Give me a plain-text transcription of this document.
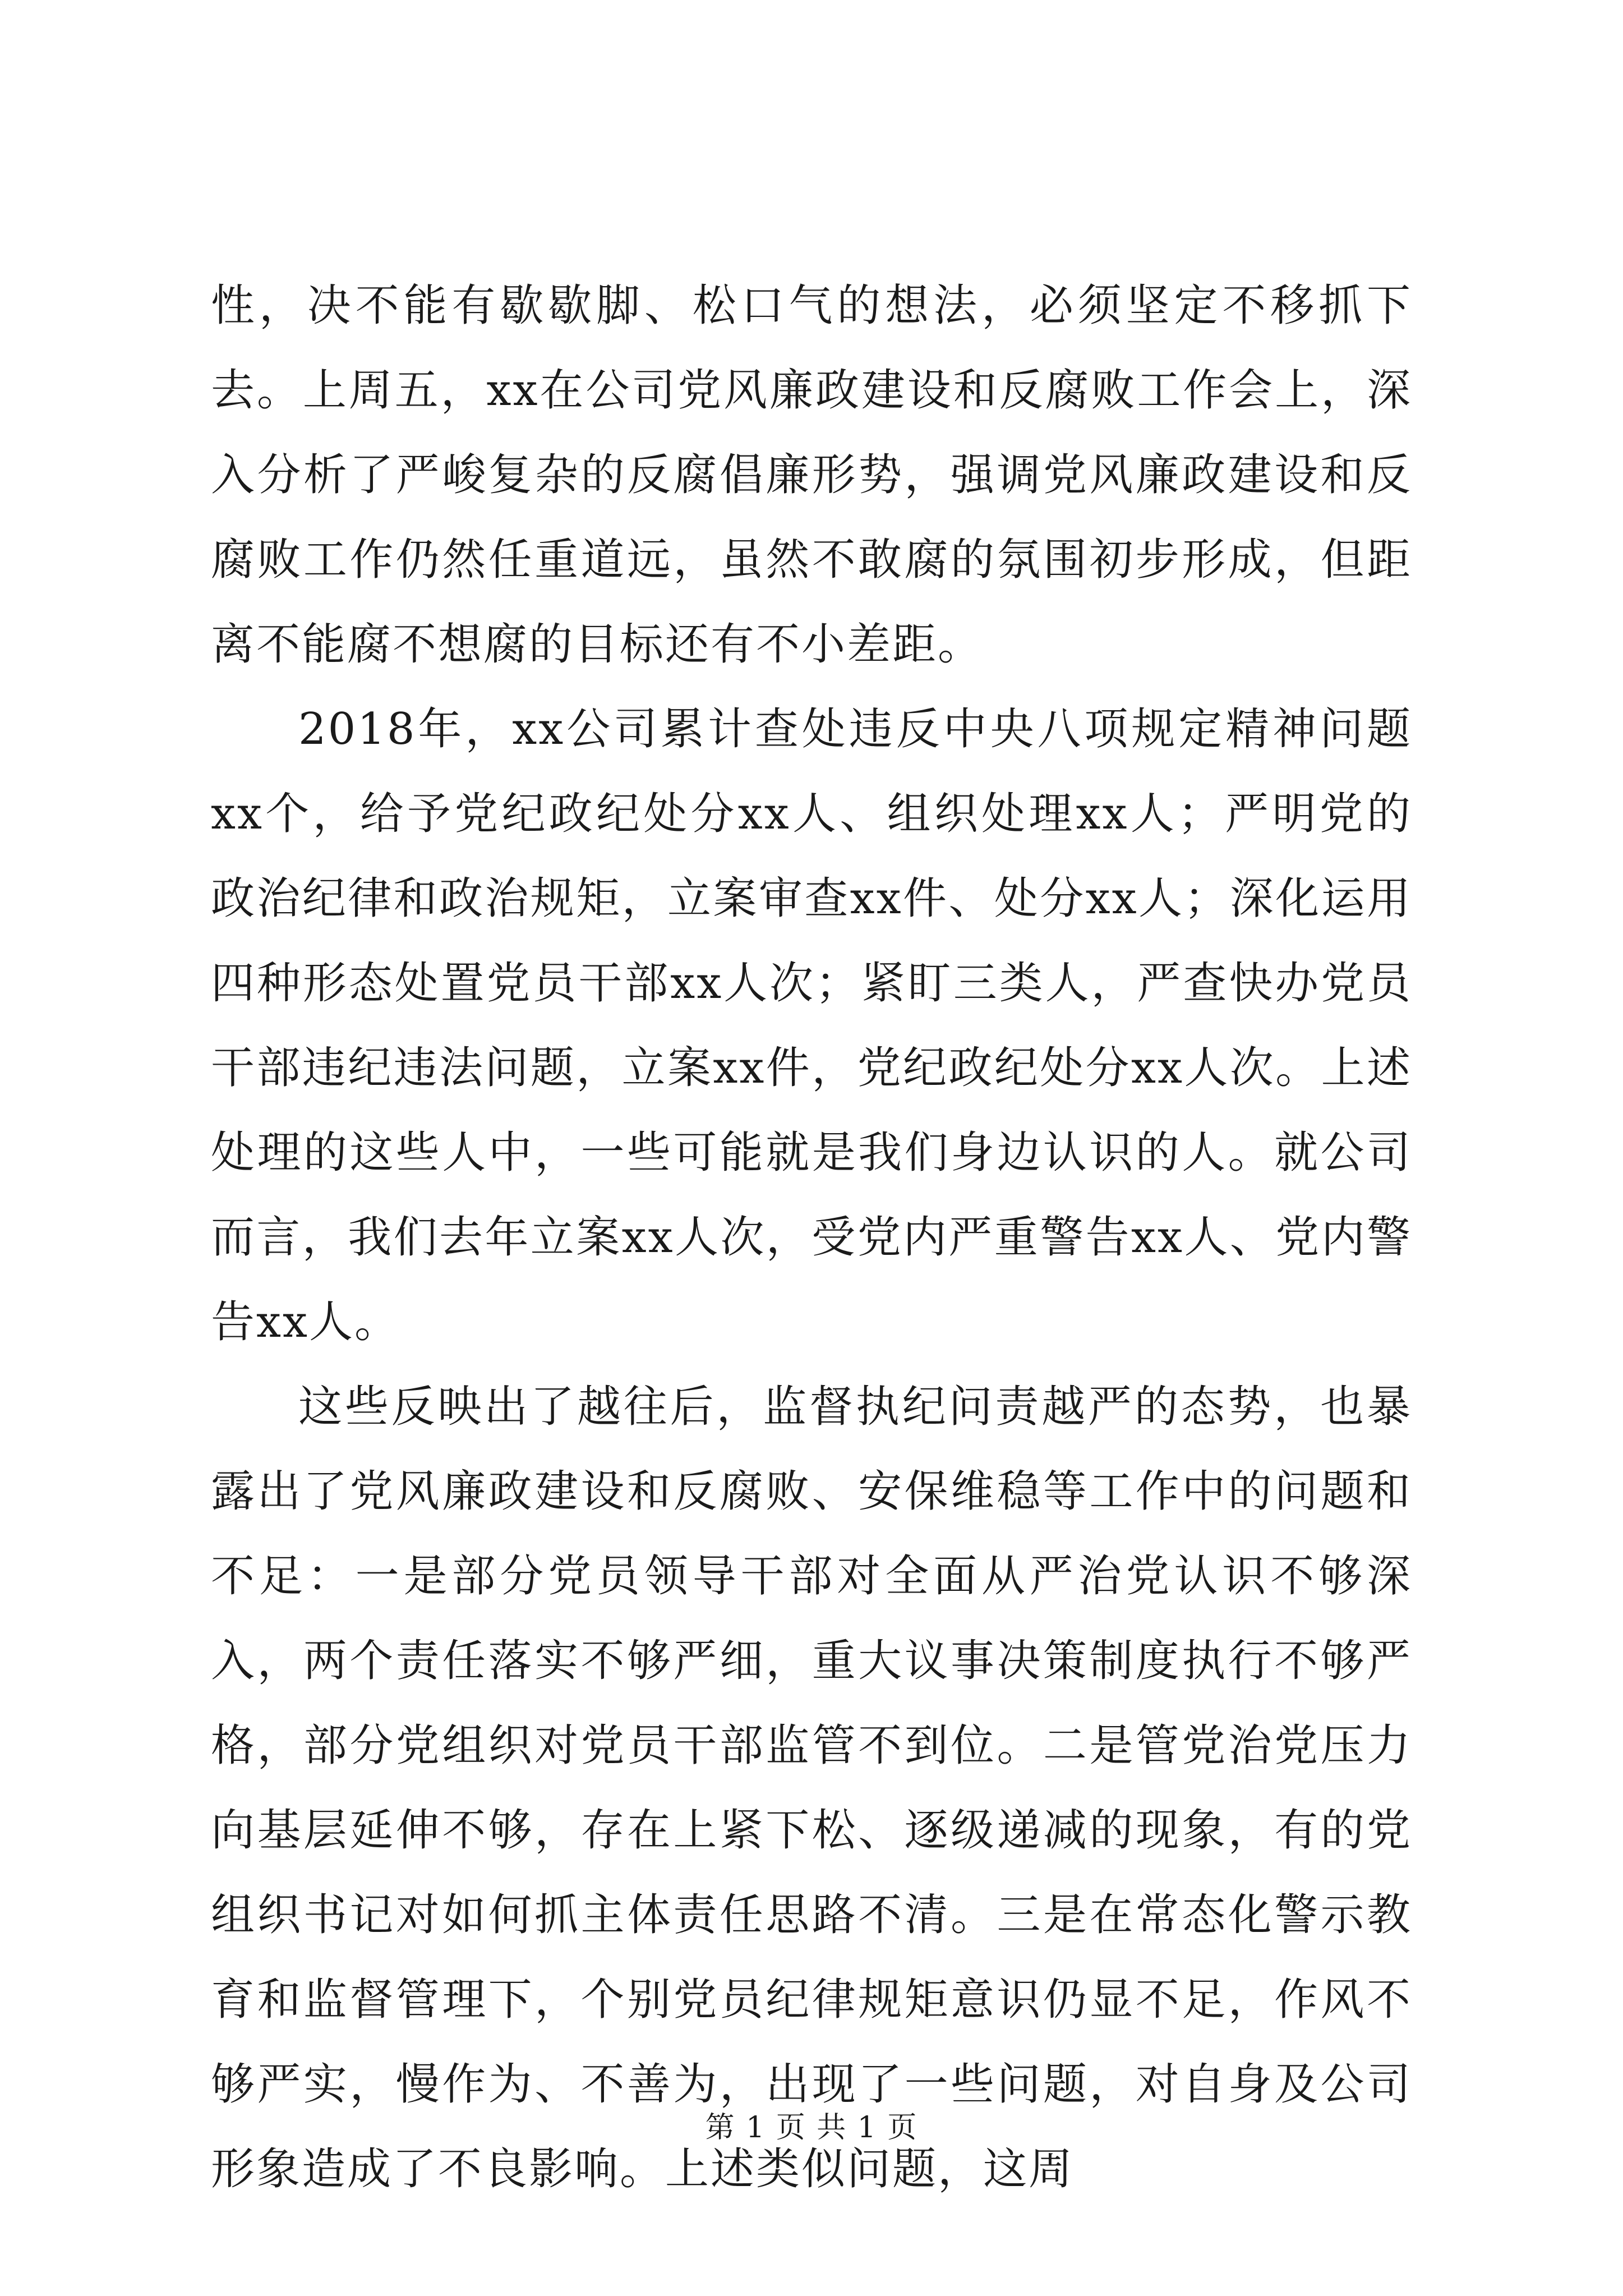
性，决不能有歇歇脚、松口气的想法，必须坚定不移抓下去。上周五，xx在公司党风廉政建设和反腐败工作会上，深入分析了严峻复杂的反腐倡廉形势，强调党风廉政建设和反腐败工作仍然任重道远，虽然不敢腐的氛围初步形成，但距离不能腐不想腐的目标还有不小差距。

2018年，xx公司累计查处违反中央八项规定精神问题xx个，给予党纪政纪处分xx人、组织处理xx人；严明党的政治纪律和政治规矩，立案审查xx件、处分xx人；深化运用四种形态处置党员干部xx人次；紧盯三类人，严查快办党员干部违纪违法问题，立案xx件，党纪政纪处分xx人次。上述处理的这些人中，一些可能就是我们身边认识的人。就公司而言，我们去年立案xx人次，受党内严重警告xx人、党内警告xx人。

这些反映出了越往后，监督执纪问责越严的态势，也暴露出了党风廉政建设和反腐败、安保维稳等工作中的问题和不足：一是部分党员领导干部对全面从严治党认识不够深入，两个责任落实不够严细，重大议事决策制度执行不够严格，部分党组织对党员干部监管不到位。二是管党治党压力向基层延伸不够，存在上紧下松、逐级递减的现象，有的党组织书记对如何抓主体责任思路不清。三是在常态化警示教育和监督管理下，个别党员纪律规矩意识仍显不足，作风不够严实，慢作为、不善为，出现了一些问题，对自身及公司形象造成了不良影响。上述类似问题，这周

第 1 页 共 1 页
